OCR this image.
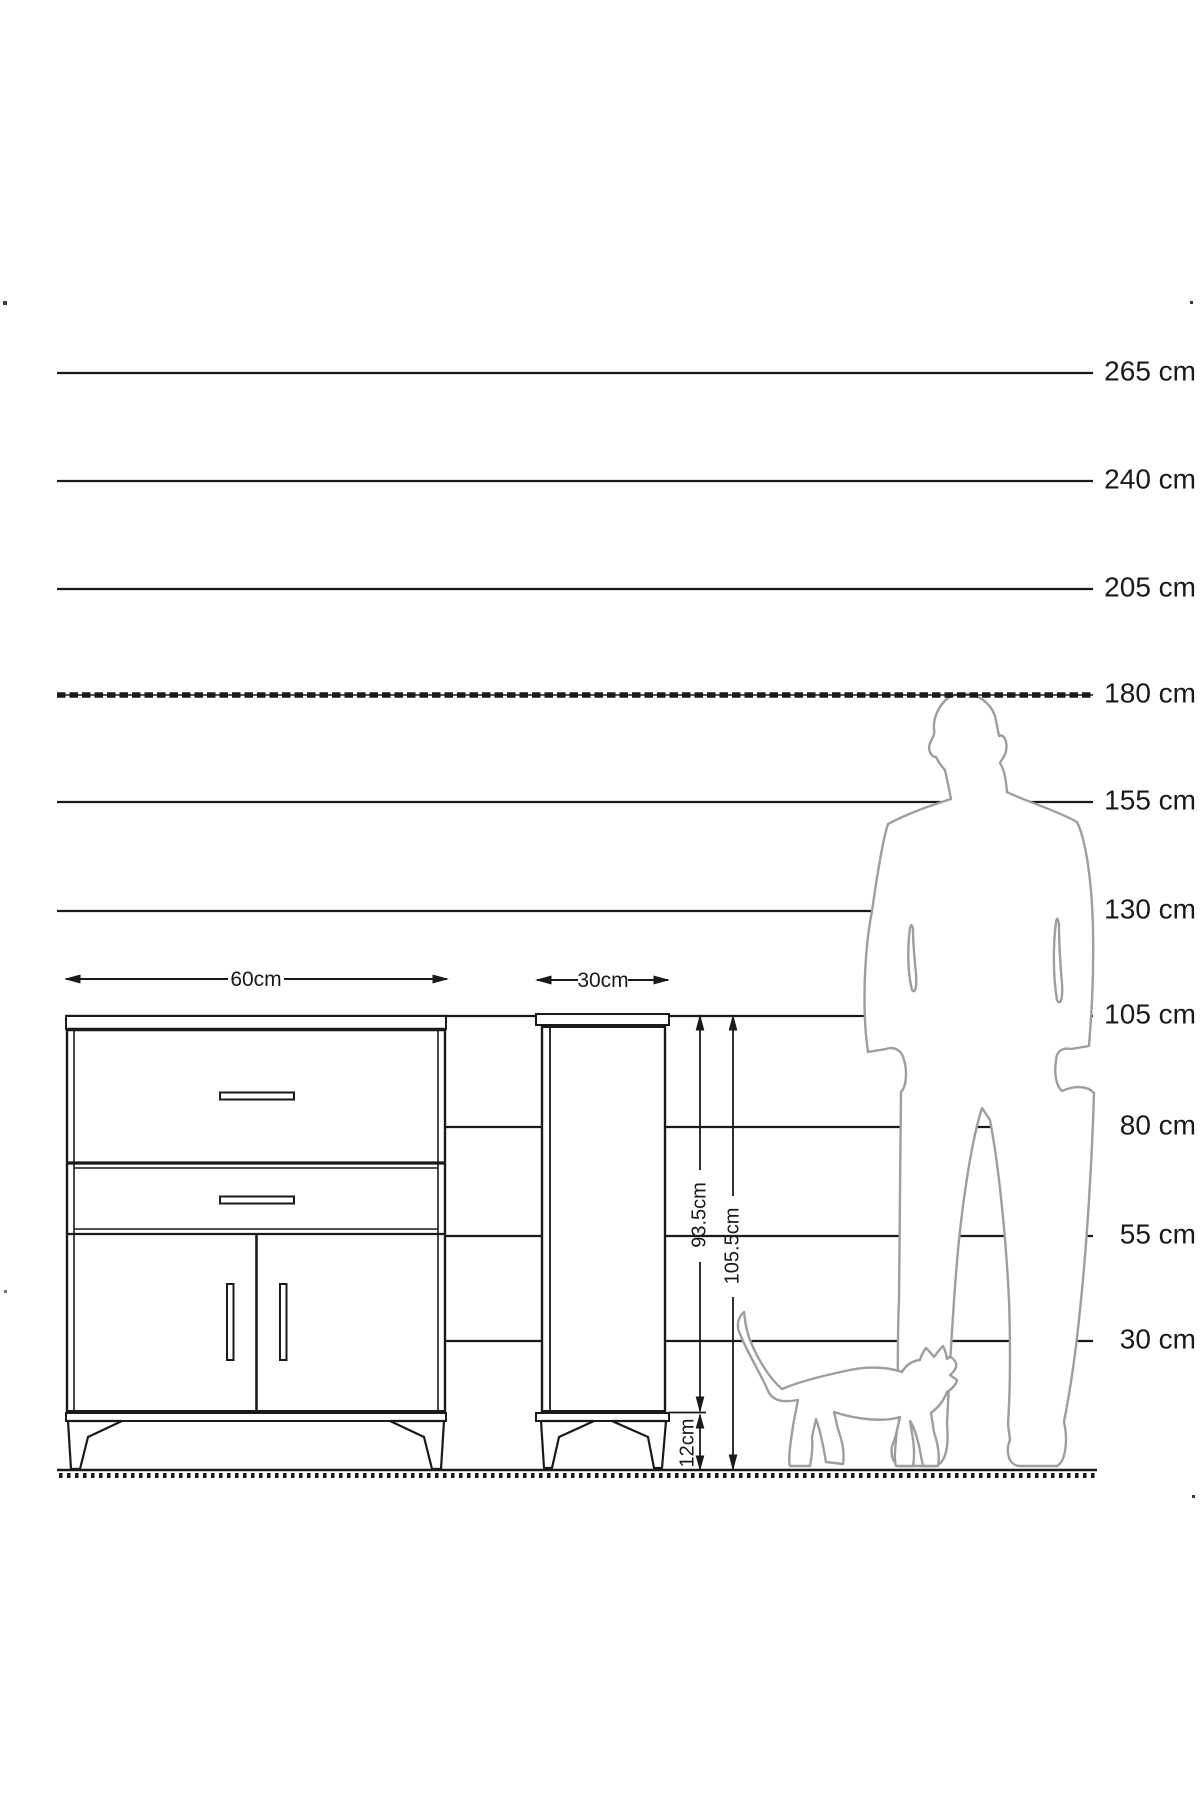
60cm	30cm
93.5cm 105.5cm
12cm
265 cm
240 cm
205 cm
180 cm
155 cm
130 cm
105 cm
80 cm
55 cm
30 cm
